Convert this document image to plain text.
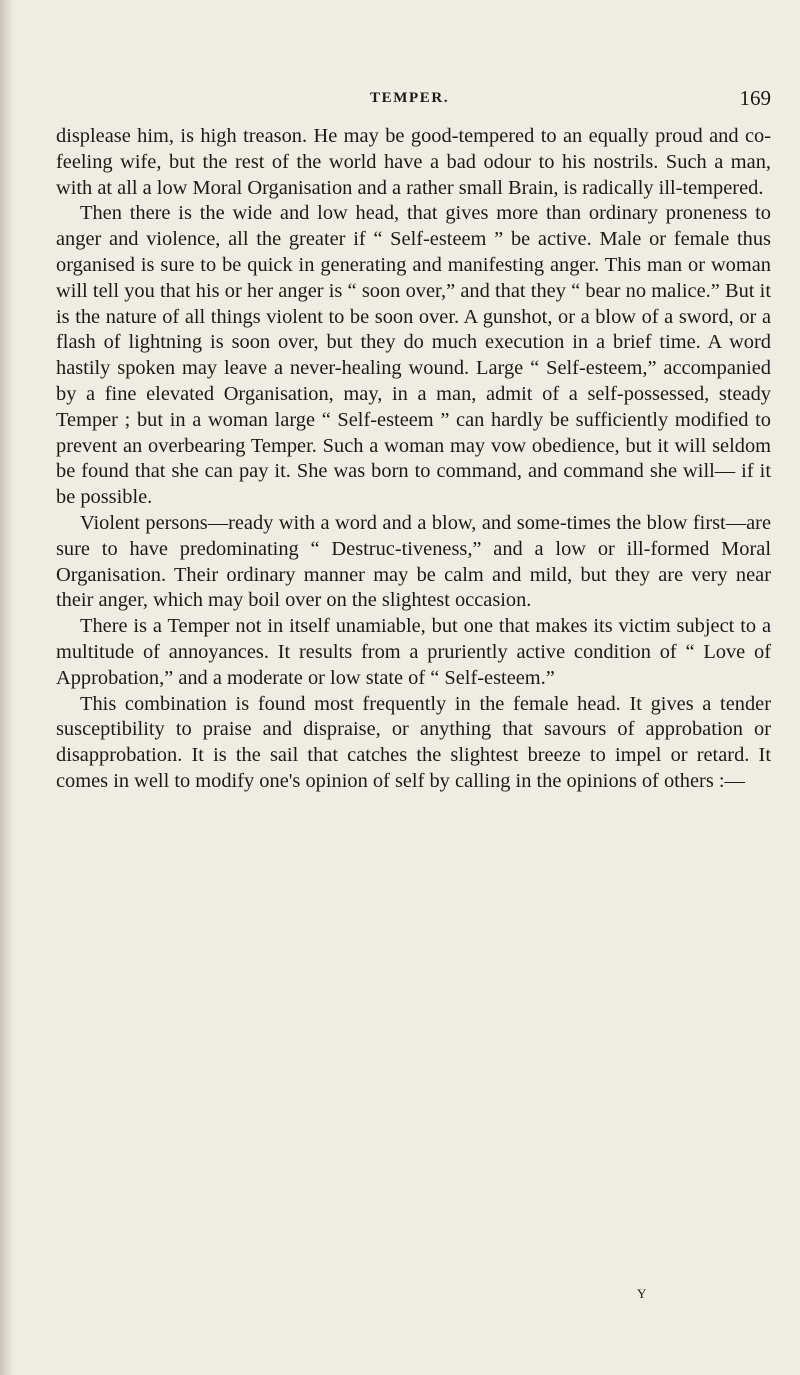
TEMPER.	169

displease him, is high treason. He may be good-tempered to an equally proud and co-feeling wife, but the rest of the world have a bad odour to his nostrils. Such a man, with at all a low Moral Organisation and a rather small Brain, is radically ill-tempered.

Then there is the wide and low head, that gives more than ordinary proneness to anger and violence, all the greater if “ Self-esteem ” be active. Male or female thus organised is sure to be quick in generating and manifesting anger. This man or woman will tell you that his or her anger is “ soon over,” and that they “ bear no malice.” But it is the nature of all things violent to be soon over. A gunshot, or a blow of a sword, or a flash of lightning is soon over, but they do much execution in a brief time. A word hastily spoken may leave a never-healing wound. Large “ Self-esteem,” accompanied by a fine elevated Organisation, may, in a man, admit of a self-possessed, steady Temper ; but in a woman large “ Self-esteem ” can hardly be sufficiently modified to prevent an overbearing Temper. Such a woman may vow obedience, but it will seldom be found that she can pay it. She was born to command, and command she will— if it be possible.

Violent persons—ready with a word and a blow, and some-times the blow first—are sure to have predominating “ Destruc-tiveness,” and a low or ill-formed Moral Organisation. Their ordinary manner may be calm and mild, but they are very near their anger, which may boil over on the slightest occasion.

There is a Temper not in itself unamiable, but one that makes its victim subject to a multitude of annoyances. It results from a pruriently active condition of “ Love of Approbation,” and a moderate or low state of “ Self-esteem.”

This combination is found most frequently in the female head. It gives a tender susceptibility to praise and dispraise, or anything that savours of approbation or disapprobation. It is the sail that catches the slightest breeze to impel or retard. It comes in well to modify one's opinion of self by calling in the opinions of others :—

Y
